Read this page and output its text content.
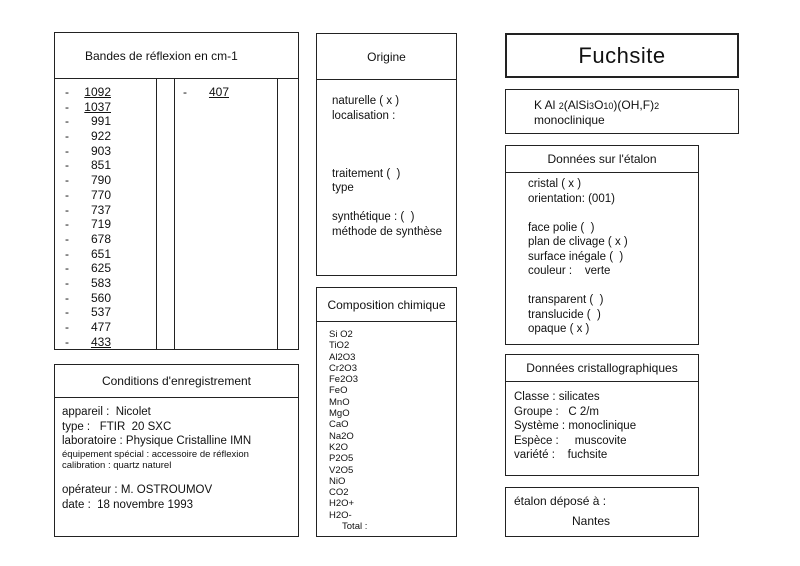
Bandes de réflexion en cm-1
-	1092
-	1037
-	991
-	922
-	903
-	851
-	790
-	770
-	737
-	719
-	678
-	651
-	625
-	583
-	560
-	537
-	477
-	433
-	407
Origine
naturelle ( x )
localisation :
traitement (  )
type
synthétique : (  )
méthode de synthèse
Composition chimique
Si O2
TiO2
Al2O3
Cr2O3
Fe2O3
FeO
MnO
MgO
CaO
Na2O
K2O
P2O5
V2O5
NiO
CO2
H2O+
H2O-
Total :
Conditions d'enregistrement
appareil :  Nicolet
type :   FTIR  20 SXC
laboratoire : Physique Cristalline IMN
équipement spécial : accessoire de réflexion
calibration : quartz naturel
opérateur : M. OSTROUMOV
date :  18 novembre 1993
Fuchsite
K Al 2(AlSi3O10)(OH,F)2
monoclinique
Données sur l'étalon
cristal ( x )
orientation: (001)
face polie (  )
plan de clivage ( x )
surface inégale (  )
couleur :    verte
transparent (  )
translucide (  )
opaque ( x )
Données cristallographiques
Classe : silicates
Groupe :   C 2/m
Système : monoclinique
Espèce :     muscovite
variété :    fuchsite
étalon déposé à :
Nantes
